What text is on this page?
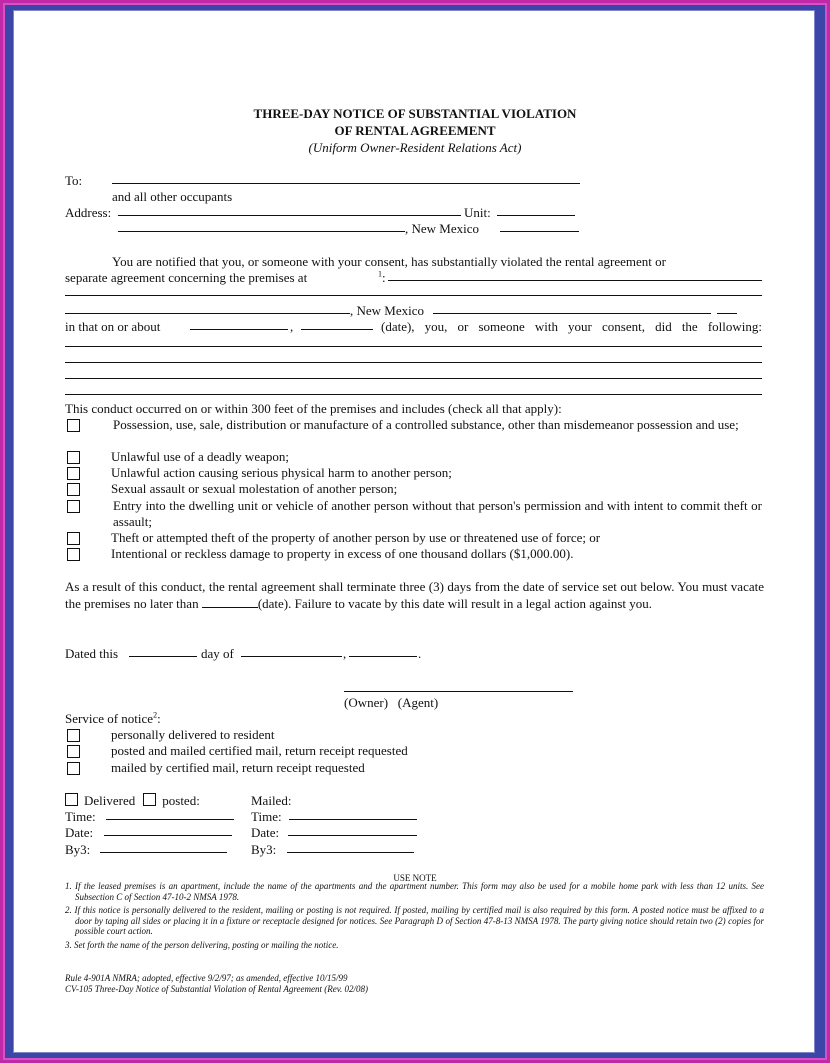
THREE-DAY NOTICE OF SUBSTANTIAL VIOLATION
OF RENTAL AGREEMENT
(Uniform Owner-Resident Relations Act)
To:
and all other occupants
Address:	Unit:
, New Mexico
You are notified that you, or someone with your consent, has substantially violated the rental agreement or
separate agreement concerning the premises at	$^1$:
, New Mexico
in that on or about	,	(date), you, or someone with your consent, did the following:
This conduct occurred on or within 300 feet of the premises and includes (check all that apply):
Possession, use, sale, distribution or manufacture of a controlled substance, other than misdemeanor possession and use;
Unlawful use of a deadly weapon;
Unlawful action causing serious physical harm to another person;
Sexual assault or sexual molestation of another person;
Entry into the dwelling unit or vehicle of another person without that person's permission and with intent to commit theft or assault;
Theft or attempted theft of the property of another person by use or threatened use of force; or
Intentional or reckless damage to property in excess of one thousand dollars ($1,000.00).
As a result of this conduct, the rental agreement shall terminate three (3) days from the date of service set out below. You must vacate the premises no later than	(date). Failure to vacate by this date will result in a legal action against you.
Dated this	day of	,	.
(Owner)   (Agent)
Service of notice$^2$:
personally delivered to resident
posted and mailed certified mail, return receipt requested
mailed by certified mail, return receipt requested
Delivered posted:	Mailed:
Time:	Time:
Date:	Date:
By3:	By3:
USE NOTE
1. If the leased premises is an apartment, include the name of the apartments and the apartment number. This form may also be used for a mobile home park with less than 12 units. See Subsection C of Section 47-10-2 NMSA 1978.
2. If this notice is personally delivered to the resident, mailing or posting is not required. If posted, mailing by certified mail is also required by this form. A posted notice must be affixed to a door by taping all sides or placing it in a fixture or receptacle designed for notices. See Paragraph D of Section 47-8-13 NMSA 1978. The party giving notice should retain two (2) copies for possible court action.
3. Set forth the name of the person delivering, posting or mailing the notice.
Rule 4-901A NMRA; adopted, effective 9/2/97; as amended, effective 10/15/99
CV-105 Three-Day Notice of Substantial Violation of Rental Agreement (Rev. 02/08)
